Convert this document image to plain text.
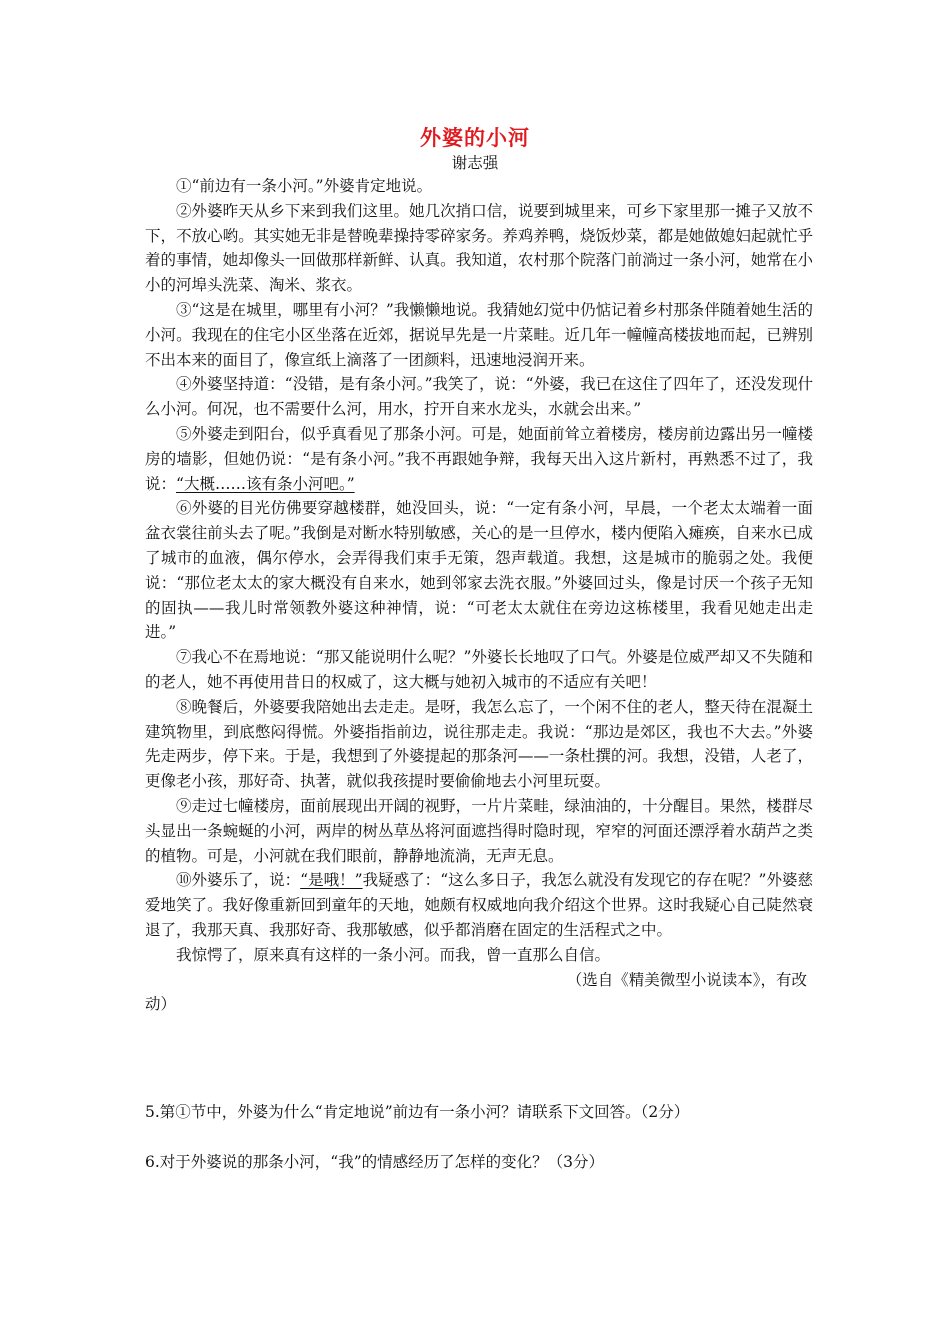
外婆的小河
谢志强

①“前边有一条小河。”外婆肯定地说。

②外婆昨天从乡下来到我们这里。她几次捎口信，说要到城里来，可乡下家里那一摊子又放不下，不放心哟。其实她无非是替晚辈操持零碎家务。养鸡养鸭，烧饭炒菜，都是她做媳妇起就忙乎着的事情，她却像头一回做那样新鲜、认真。我知道，农村那个院落门前淌过一条小河，她常在小小的河埠头洗菜、淘米、浆衣。

③“这是在城里，哪里有小河？”我懒懒地说。我猜她幻觉中仍惦记着乡村那条伴随着她生活的小河。我现在的住宅小区坐落在近郊，据说早先是一片菜畦。近几年一幢幢高楼拔地而起，已辨别不出本来的面目了，像宣纸上滴落了一团颜料，迅速地浸润开来。

④外婆坚持道：“没错，是有条小河。”我笑了，说：“外婆，我已在这住了四年了，还没发现什么小河。何况，也不需要什么河，用水，拧开自来水龙头，水就会出来。”

⑤外婆走到阳台，似乎真看见了那条小河。可是，她面前耸立着楼房，楼房前边露出另一幢楼房的墙影，但她仍说：“是有条小河。”我不再跟她争辩，我每天出入这片新村，再熟悉不过了，我说：“大概……该有条小河吧。”

⑥外婆的目光仿佛要穿越楼群，她没回头，说：“一定有条小河，早晨，一个老太太端着一面盆衣裳往前头去了呢。”我倒是对断水特别敏感，关心的是一旦停水，楼内便陷入瘫痪，自来水已成了城市的血液，偶尔停水，会弄得我们束手无策，怨声载道。我想，这是城市的脆弱之处。我便说：“那位老太太的家大概没有自来水，她到邻家去洗衣服。”外婆回过头，像是讨厌一个孩子无知的固执——我儿时常领教外婆这种神情，说：“可老太太就住在旁边这栋楼里，我看见她走出走进。”

⑦我心不在焉地说：“那又能说明什么呢？”外婆长长地叹了口气。外婆是位威严却又不失随和的老人，她不再使用昔日的权威了，这大概与她初入城市的不适应有关吧！

⑧晚餐后，外婆要我陪她出去走走。是呀，我怎么忘了，一个闲不住的老人，整天待在混凝土建筑物里，到底憋闷得慌。外婆指指前边，说往那走走。我说：“那边是郊区，我也不大去。”外婆先走两步，停下来。于是，我想到了外婆提起的那条河——一条杜撰的河。我想，没错，人老了，更像老小孩，那好奇、执著，就似我孩提时要偷偷地去小河里玩耍。

⑨走过七幢楼房，面前展现出开阔的视野，一片片菜畦，绿油油的，十分醒目。果然，楼群尽头显出一条蜿蜒的小河，两岸的树丛草丛将河面遮挡得时隐时现，窄窄的河面还漂浮着水葫芦之类的植物。可是，小河就在我们眼前，静静地流淌，无声无息。

⑩外婆乐了，说：“是哦！”我疑惑了：“这么多日子，我怎么就没有发现它的存在呢？”外婆慈爱地笑了。我好像重新回到童年的天地，她颇有权威地向我介绍这个世界。这时我疑心自己陡然衰退了，我那天真、我那好奇、我那敏感，似乎都消磨在固定的生活程式之中。

我惊愕了，原来真有这样的一条小河。而我，曾一直那么自信。

（选自《精美微型小说读本》，有改

动）

5.第①节中，外婆为什么“肯定地说”前边有一条小河？请联系下文回答。（2分）
6.对于外婆说的那条小河，“我”的情感经历了怎样的变化？（3分）
